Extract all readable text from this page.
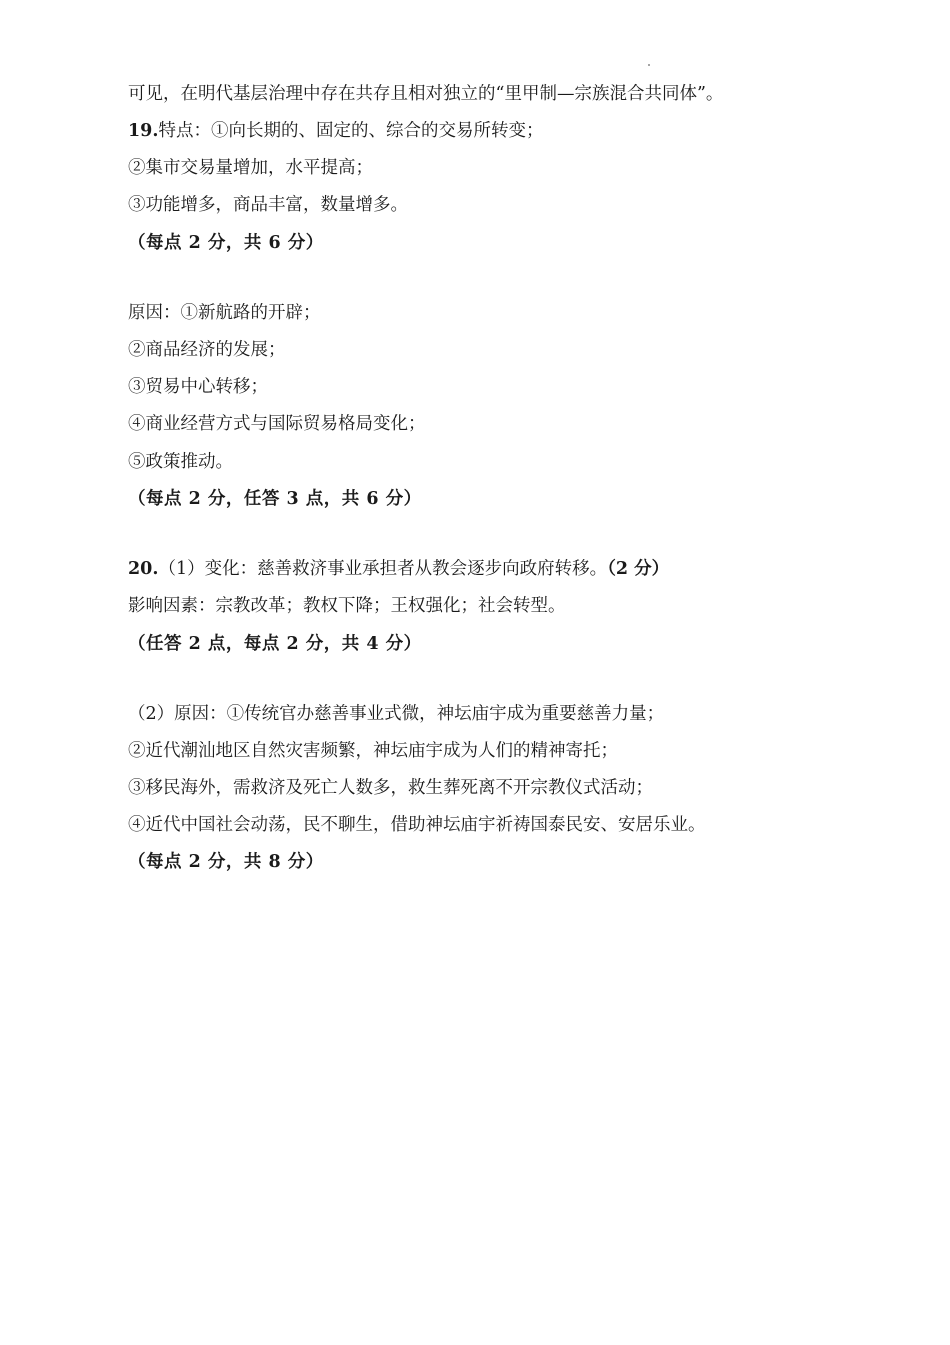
可见，在明代基层治理中存在共存且相对独立的“里甲制—宗族混合共同体”。
19.特点：①向长期的、固定的、综合的交易所转变；
②集市交易量增加，水平提高；
③功能增多，商品丰富，数量增多。
（每点 2 分，共 6 分）
原因：①新航路的开辟；
②商品经济的发展；
③贸易中心转移；
④商业经营方式与国际贸易格局变化；
⑤政策推动。
（每点 2 分，任答 3 点，共 6 分）
20.（1）变化：慈善救济事业承担者从教会逐步向政府转移。（2 分）
影响因素：宗教改革；教权下降；王权强化；社会转型。
（任答 2 点，每点 2 分，共 4 分）
（2）原因：①传统官办慈善事业式微，神坛庙宇成为重要慈善力量；
②近代潮汕地区自然灾害频繁，神坛庙宇成为人们的精神寄托；
③移民海外，需救济及死亡人数多，救生葬死离不开宗教仪式活动；
④近代中国社会动荡，民不聊生，借助神坛庙宇祈祷国泰民安、安居乐业。
（每点 2 分，共 8 分）
